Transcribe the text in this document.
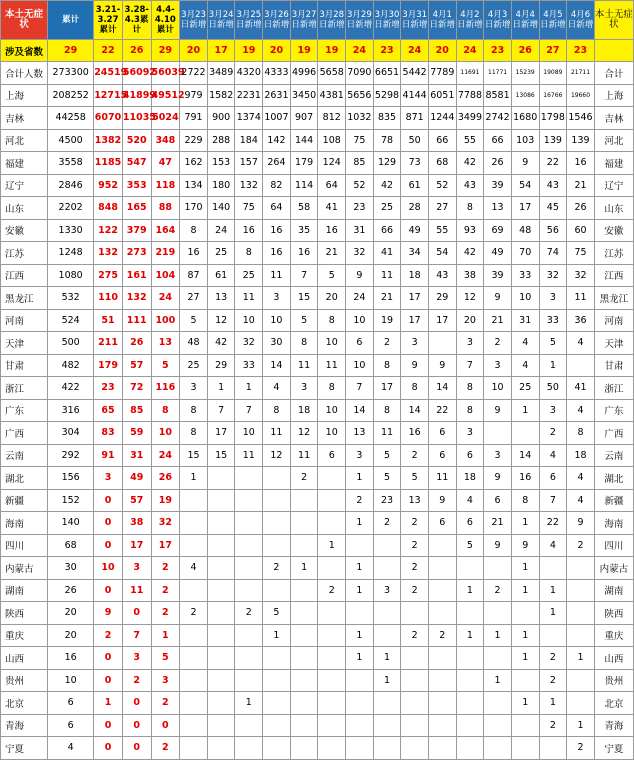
本土无症状	累计	3.21-3.27累计	3.28-4.3累计	4.4-4.10累计	3月23日新增	3月24日新增	3月25日新增	3月26日新增	3月27日新增	3月28日新增	3月29日新增	3月30日新增	3月31日新增	4月1日新增	4月2日新增	4月3日新增	4月4日新增	4月5日新增	4月6日新增	本土无症状
涉及省数	29	22	26	29	20	17	19	20	19	19	24	23	24	20	24	23	26	27	23	
合计人数	273300	24519	56092	56039	2722	3489	4320	4333	4996	5658	7090	6651	5442	7789	11691	11771	15239	19089	21711	合计
上海	208252	12715	41899	49512	979	1582	2231	2631	3450	4381	5656	5298	4144	6051	7788	8581	13086	16766	19660	上海
吉林	44258	6070	11035	5024	791	900	1374	1007	907	812	1032	835	871	1244	3499	2742	1680	1798	1546	吉林
河北	4500	1382	520	348	229	288	184	142	144	108	75	78	50	66	55	66	103	139	139	河北
福建	3558	1185	547	47	162	153	157	264	179	124	85	129	73	68	42	26	9	22	16	福建
辽宁	2846	952	353	118	134	180	132	82	114	64	52	42	61	52	43	39	54	43	21	辽宁
山东	2202	848	165	88	170	140	75	64	58	41	23	25	28	27	8	13	17	45	26	山东
安徽	1330	122	379	164	8	24	16	16	35	16	31	66	49	55	93	69	48	56	60	安徽
江苏	1248	132	273	219	16	25	8	16	16	21	32	41	34	54	42	49	70	74	75	江苏
江西	1080	275	161	104	87	61	25	11	7	5	9	11	18	43	38	39	33	32	32	江西
黑龙江	532	110	132	24	27	13	11	3	15	20	24	21	17	29	12	9	10	3	11	黑龙江
河南	524	51	111	100	5	12	10	10	5	8	10	19	17	17	20	21	31	33	36	河南
天津	500	211	26	13	48	42	32	30	8	10	6	2	3		3	2	4	5	4	天津
甘肃	482	179	57	5	25	29	33	14	11	11	10	8	9	9	7	3	4	1		甘肃
浙江	422	23	72	116	3	1	1	4	3	8	7	17	8	14	8	10	25	50	41	浙江
广东	316	65	85	8	8	7	7	8	18	10	14	8	14	22	8	9	1	3	4	广东
广西	304	83	59	10	8	17	10	11	12	10	13	11	16	6	3			2	8	广西
云南	292	91	31	24	15	15	11	12	11	6	3	5	2	6	6	3	14	4	18	云南
湖北	156	3	49	26	1				2		1	5	5	11	18	9	16	6	4	湖北
新疆	152	0	57	19							2	23	13	9	4	6	8	7	4	新疆
海南	140	0	38	32							1	2	2	6	6	21	1	22	9	海南
四川	68	0	17	17						1			2		5	9	9	4	2	四川
内蒙古	30	10	3	2	4			2	1		1		2				1			内蒙古
湖南	26	0	11	2						2	1	3	2		1	2	1	1		湖南
陕西	20	9	0	2	2		2	5										1		陕西
重庆	20	2	7	1				1			1		2	2	1	1	1			重庆
山西	16	0	3	5							1	1					1	2	1	山西
贵州	10	0	2	3								1				1		2		贵州
北京	6	1	0	2			1										1	1		北京
青海	6	0	0	0														2	1	青海
宁夏	4	0	0	2															2	宁夏
